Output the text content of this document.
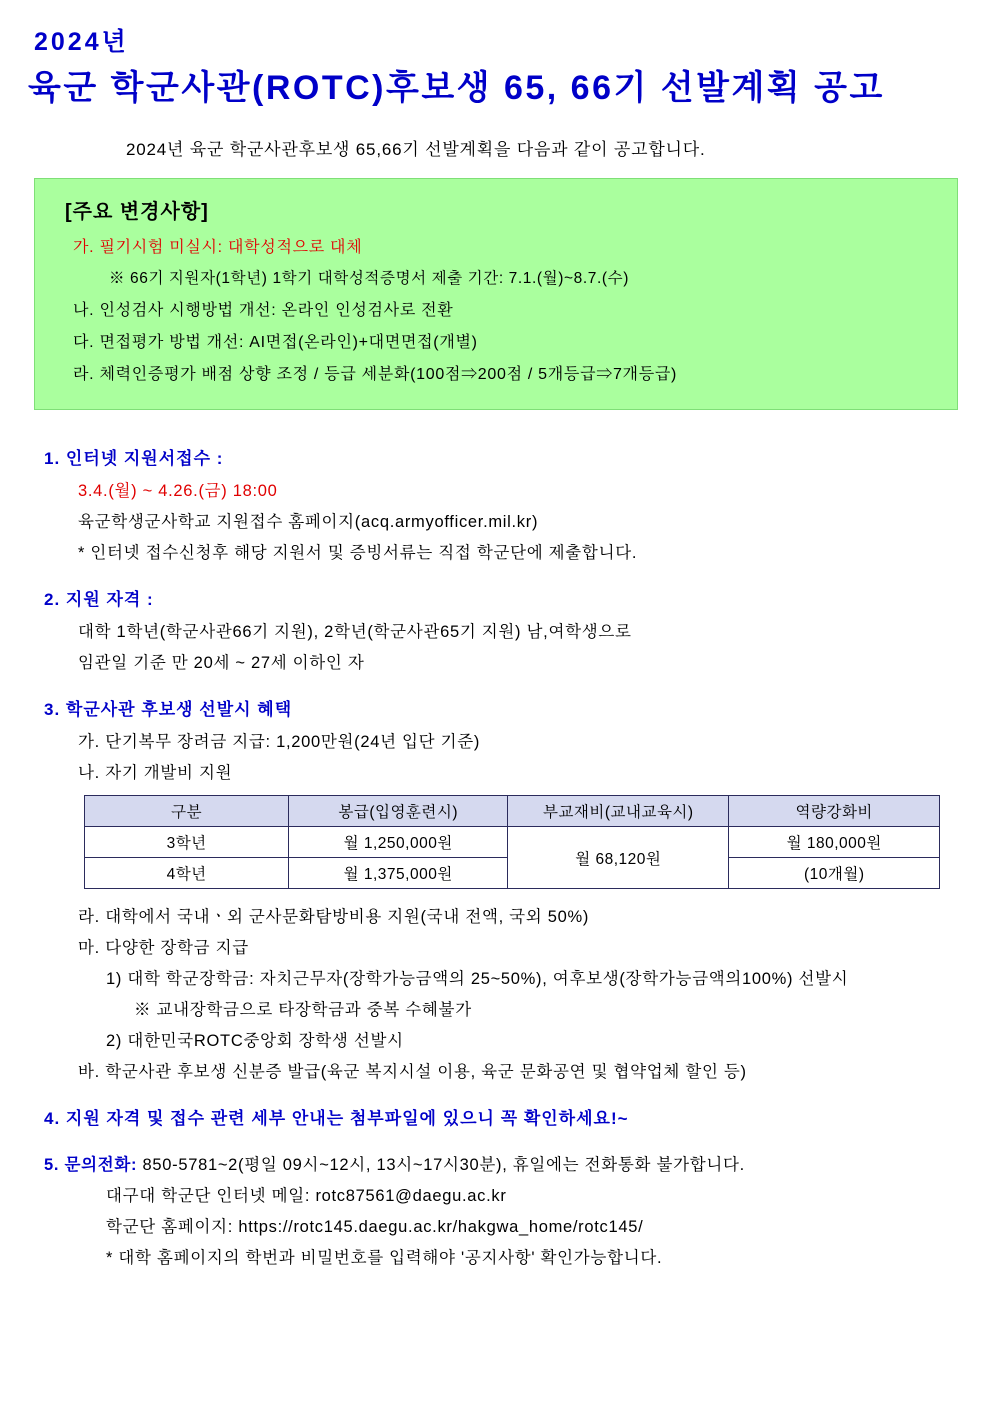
2024년
육군 학군사관(ROTC)후보생 65, 66기 선발계획 공고
2024년 육군 학군사관후보생 65,66기 선발계획을 다음과 같이 공고합니다.
[주요 변경사항]
가. 필기시험 미실시: 대학성적으로 대체
※ 66기 지원자(1학년) 1학기 대학성적증명서 제출 기간: 7.1.(월)~8.7.(수)
나. 인성검사 시행방법 개선: 온라인 인성검사로 전환
다. 면접평가 방법 개선: AI면접(온라인)+대면면접(개별)
라. 체력인증평가 배점 상향 조정 / 등급 세분화(100점⇒200점 / 5개등급⇒7개등급)
1. 인터넷 지원서접수 :
3.4.(월) ~ 4.26.(금) 18:00
육군학생군사학교 지원접수 홈페이지(acq.armyofficer.mil.kr)
* 인터넷 접수신청후 해당 지원서 및 증빙서류는 직접 학군단에 제출합니다.
2. 지원 자격 :
대학 1학년(학군사관66기 지원), 2학년(학군사관65기 지원) 남,여학생으로
임관일 기준 만 20세 ~ 27세 이하인 자
3. 학군사관 후보생 선발시 혜택
가. 단기복무 장려금 지급: 1,200만원(24년 입단 기준)
나. 자기 개발비 지원
구분	봉급(입영훈련시)	부교재비(교내교육시)	역량강화비
3학년	월 1,250,000원	월 68,120원	월 180,000원
4학년	월 1,375,000원		(10개월)
라. 대학에서 국내ㆍ외 군사문화탐방비용 지원(국내 전액, 국외 50%)
마. 다양한 장학금 지급
1) 대학 학군장학금: 자치근무자(장학가능금액의 25~50%), 여후보생(장학가능금액의100%) 선발시
※ 교내장학금으로 타장학금과 중복 수혜불가
2) 대한민국ROTC중앙회 장학생 선발시
바. 학군사관 후보생 신분증 발급(육군 복지시설 이용, 육군 문화공연 및 협약업체 할인 등)
4. 지원 자격 및 접수 관련 세부 안내는 첨부파일에 있으니 꼭 확인하세요!~
5. 문의전화: 850-5781~2(평일 09시~12시, 13시~17시30분), 휴일에는 전화통화 불가합니다.
대구대 학군단 인터넷 메일: rotc87561@daegu.ac.kr
학군단 홈페이지: https://rotc145.daegu.ac.kr/hakgwa_home/rotc145/
* 대학 홈페이지의 학번과 비밀번호를 입력해야 '공지사항' 확인가능합니다.
